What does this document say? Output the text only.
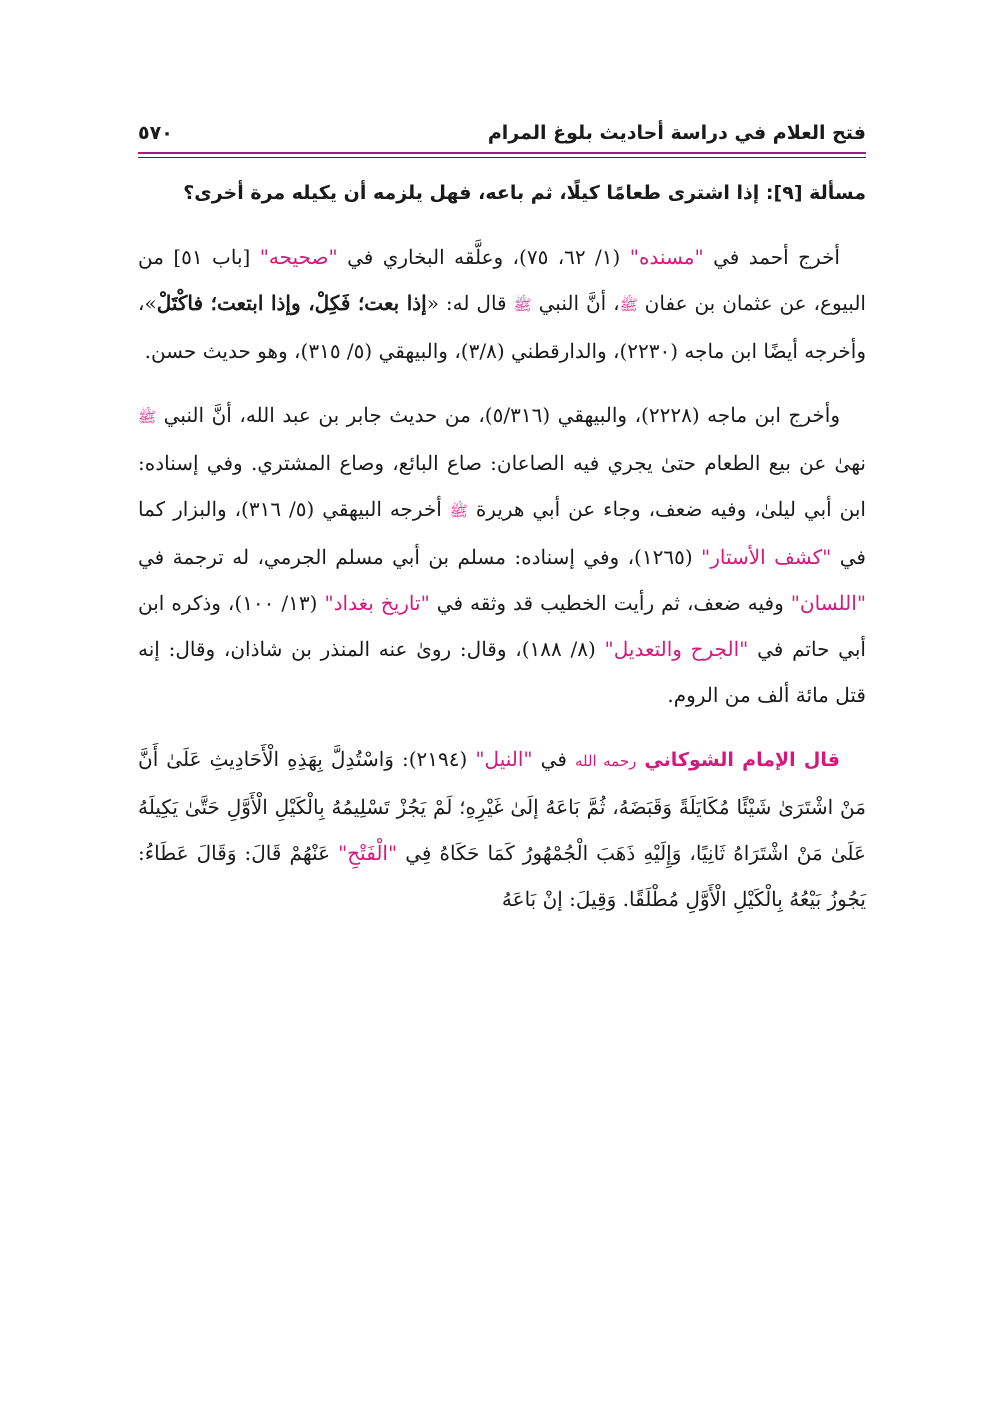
فتح العلام في دراسة أحاديث بلوغ المرام
٥٧٠

مسألة [٩]: إذا اشترى طعامًا كيلًا، ثم باعه، فهل يلزمه أن يكيله مرة أخرى؟

أخرج أحمد في "مسنده" (١/ ٦٢، ٧٥)، وعلَّقه البخاري في "صحيحه" [باب ٥١] من البيوع، عن عثمان بن عفان ﷺ، أنَّ النبي ﷺ قال له: «إذا بعت؛ فَكِلْ، وإذا ابتعت؛ فاكْتَلْ»، وأخرجه أيضًا ابن ماجه (٢٢٣٠)، والدارقطني (٣/٨)، والبيهقي (٥/ ٣١٥)، وهو حديث حسن.

وأخرج ابن ماجه (٢٢٢٨)، والبيهقي (٥/٣١٦)، من حديث جابر بن عبد الله، أنَّ النبي ﷺ نهىٰ عن بيع الطعام حتىٰ يجري فيه الصاعان: صاع البائع، وصاع المشتري. وفي إسناده: ابن أبي ليلىٰ، وفيه ضعف، وجاء عن أبي هريرة ﷺ أخرجه البيهقي (٥/ ٣١٦)، والبزار كما في "كشف الأستار" (١٢٦٥)، وفي إسناده: مسلم بن أبي مسلم الجرمي، له ترجمة في "اللسان" وفيه ضعف، ثم رأيت الخطيب قد وثقه في "تاريخ بغداد" (١٣/ ١٠٠)، وذكره ابن أبي حاتم في "الجرح والتعديل" (٨/ ١٨٨)، وقال: روىٰ عنه المنذر بن شاذان، وقال: إنه قتل مائة ألف من الروم.

قال الإمام الشوكاني رحمه الله في "النيل" (٢١٩٤): وَاسْتُدِلَّ بِهَذِهِ الْأَحَادِيثِ عَلَىٰ أَنَّ مَنْ اشْتَرَىٰ شَيْئًا مُكَايَلَةً وَقَبَضَهُ، ثُمَّ بَاعَهُ إلَىٰ غَيْرِهِ؛ لَمْ يَجُزْ تَسْلِيمُهُ بِالْكَيْلِ الْأَوَّلِ حَتَّىٰ يَكِيلَهُ عَلَىٰ مَنْ اشْتَرَاهُ ثَانِيًا، وَإِلَيْهِ ذَهَبَ الْجُمْهُورُ كَمَا حَكَاهُ فِي "الْفَتْحِ" عَنْهُمْ قَالَ: وَقَالَ عَطَاءُ: يَجُوزُ بَيْعُهُ بِالْكَيْلِ الْأَوَّلِ مُطْلَقًا. وَقِيلَ: إنْ بَاعَهُ
